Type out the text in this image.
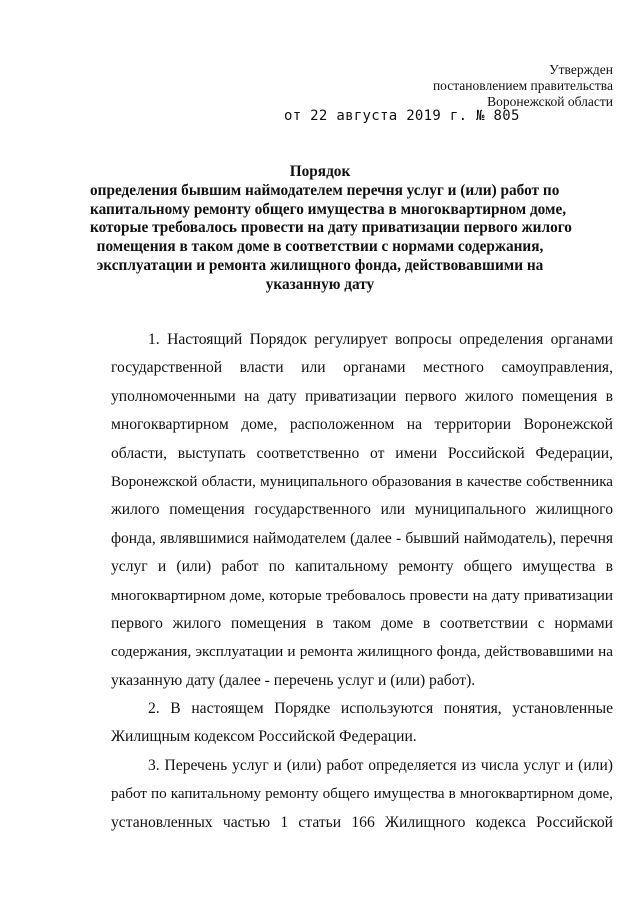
Утвержден
постановлением правительства
Воронежской области
от 22 августа 2019 г. № 805
Порядок
определения бывшим наймодателем перечня услуг и (или) работ по
капитальному ремонту общего имущества в многоквартирном доме,
которые требовалось провести на дату приватизации первого жилого
помещения в таком доме в соответствии с нормами содержания,
эксплуатации и ремонта жилищного фонда, действовавшими на
указанную дату
1. Настоящий Порядок регулирует вопросы определения органами
государственной власти или органами местного самоуправления,
уполномоченными на дату приватизации первого жилого помещения в
многоквартирном доме, расположенном на территории Воронежской
области, выступать соответственно от имени Российской Федерации,
Воронежской области, муниципального образования в качестве собственника
жилого помещения государственного или муниципального жилищного
фонда, являвшимися наймодателем (далее - бывший наймодатель), перечня
услуг и (или) работ по капитальному ремонту общего имущества в
многоквартирном доме, которые требовалось провести на дату приватизации
первого жилого помещения в таком доме в соответствии с нормами
содержания, эксплуатации и ремонта жилищного фонда, действовавшими на
указанную дату (далее - перечень услуг и (или) работ).
2. В настоящем Порядке используются понятия, установленные
Жилищным кодексом Российской Федерации.
3. Перечень услуг и (или) работ определяется из числа услуг и (или)
работ по капитальному ремонту общего имущества в многоквартирном доме,
установленных частью 1 статьи 166 Жилищного кодекса Российской
